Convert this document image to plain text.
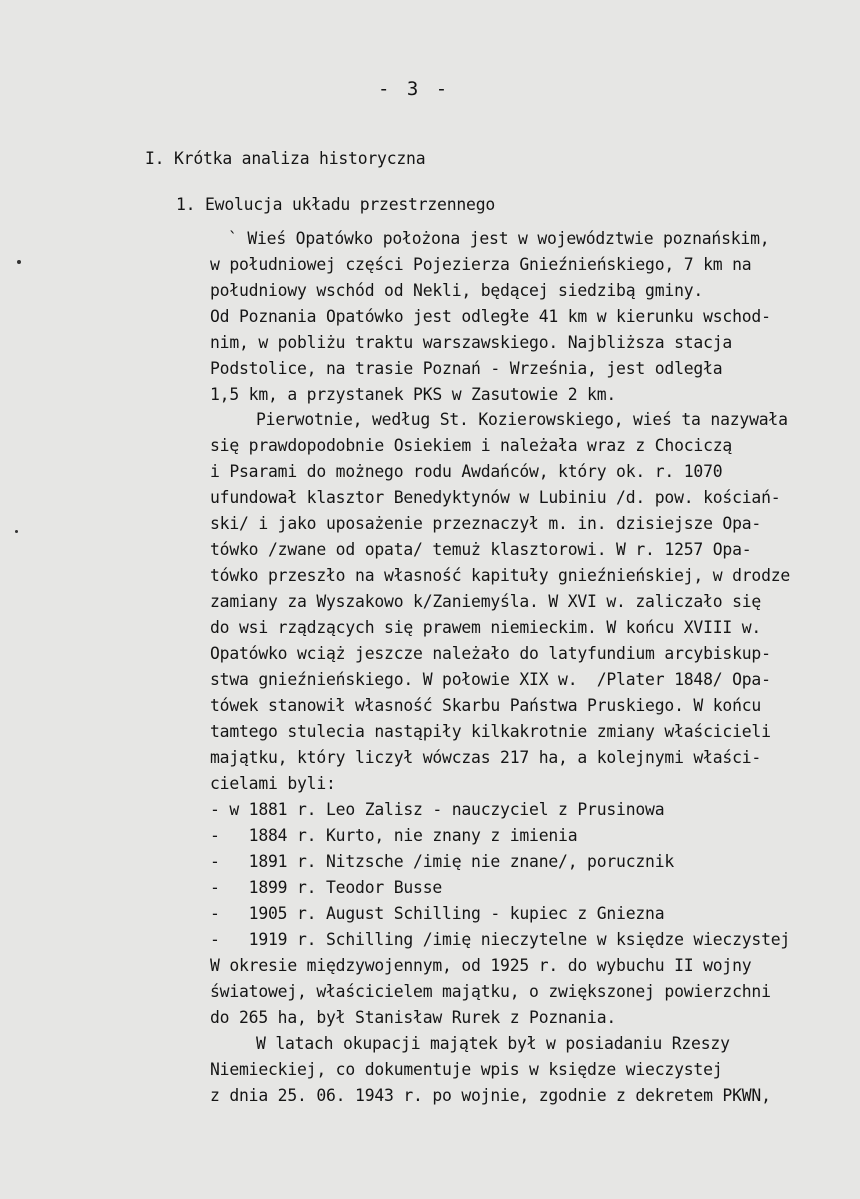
- 3 -
I. Krótka analiza historyczna
1. Ewolucja układu przestrzennego
` Wieś Opatówko położona jest w województwie poznańskim,
w południowej części Pojezierza Gnieźnieńskiego, 7 km na
południowy wschód od Nekli, będącej siedzibą gminy.
Od Poznania Opatówko jest odległe 41 km w kierunku wschod-
nim, w pobliżu traktu warszawskiego. Najbliższa stacja
Podstolice, na trasie Poznań - Września, jest odległa
1,5 km, a przystanek PKS w Zasutowie 2 km.
Pierwotnie, według St. Kozierowskiego, wieś ta nazywała
się prawdopodobnie Osiekiem i należała wraz z Chociczą
i Psarami do możnego rodu Awdańców, który ok. r. 1070
ufundował klasztor Benedyktynów w Lubiniu /d. pow. kościań-
ski/ i jako uposażenie przeznaczył m. in. dzisiejsze Opa-
tówko /zwane od opata/ temuż klasztorowi. W r. 1257 Opa-
tówko przeszło na własność kapituły gnieźnieńskiej, w drodze
zamiany za Wyszakowo k/Zaniemyśla. W XVI w. zaliczało się
do wsi rządzących się prawem niemieckim. W końcu XVIII w.
Opatówko wciąż jeszcze należało do latyfundium arcybiskup-
stwa gnieźnieńskiego. W połowie XIX w.  /Plater 1848/ Opa-
tówek stanowił własność Skarbu Państwa Pruskiego. W końcu
tamtego stulecia nastąpiły kilkakrotnie zmiany właścicieli
majątku, który liczył wówczas 217 ha, a kolejnymi właści-
cielami byli:
- w 1881 r. Leo Zalisz - nauczyciel z Prusinowa
-   1884 r. Kurto, nie znany z imienia
-   1891 r. Nitzsche /imię nie znane/, porucznik
-   1899 r. Teodor Busse
-   1905 r. August Schilling - kupiec z Gniezna
-   1919 r. Schilling /imię nieczytelne w księdze wieczystej
W okresie międzywojennym, od 1925 r. do wybuchu II wojny
światowej, właścicielem majątku, o zwiększonej powierzchni
do 265 ha, był Stanisław Rurek z Poznania.
W latach okupacji majątek był w posiadaniu Rzeszy
Niemieckiej, co dokumentuje wpis w księdze wieczystej
z dnia 25. 06. 1943 r. po wojnie, zgodnie z dekretem PKWN,
